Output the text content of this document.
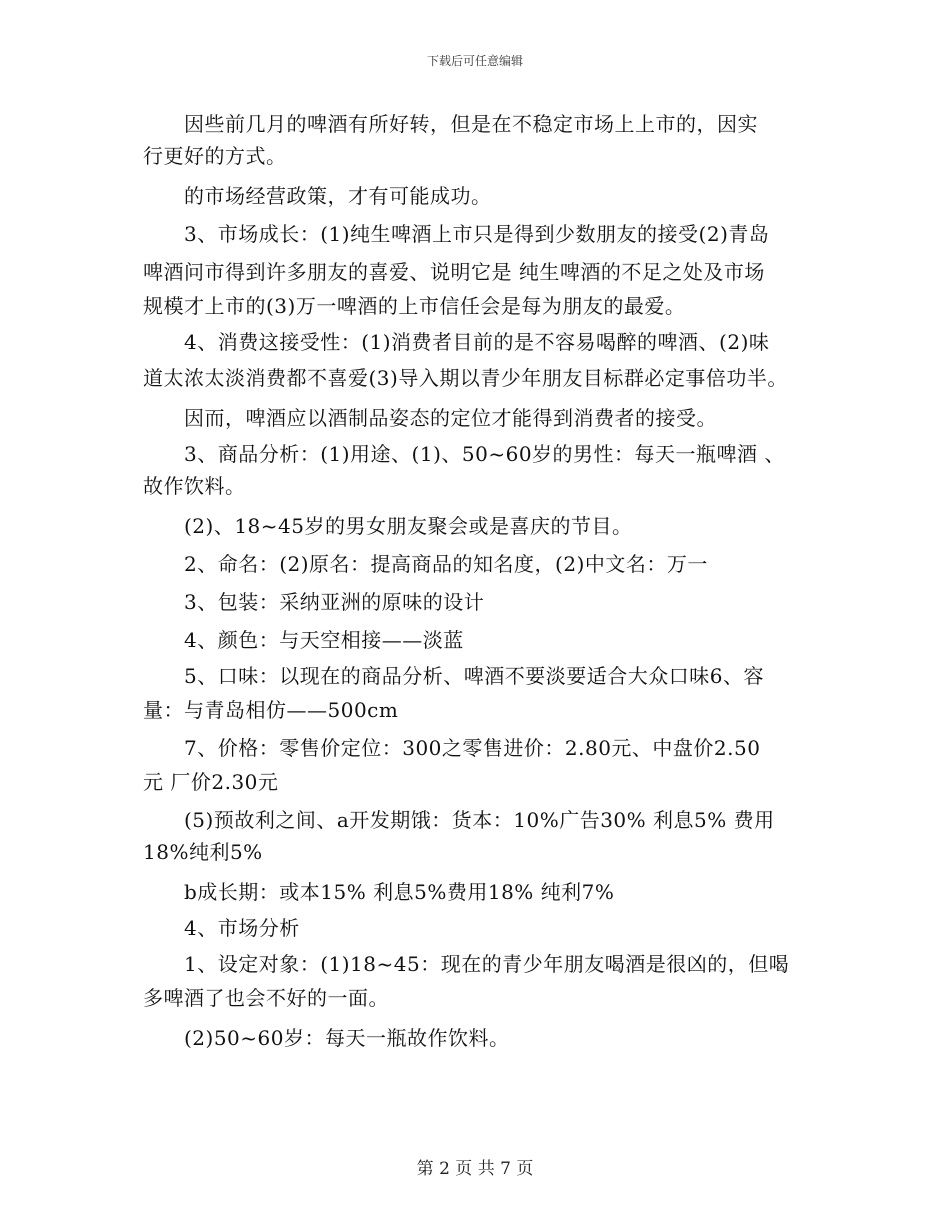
下载后可任意编辑
　　因些前几月的啤酒有所好转，但是在不稳定市场上上市的，因实
行更好的方式。
　　的市场经营政策，才有可能成功。
　　3、市场成长：(1)纯生啤酒上市只是得到少数朋友的接受(2)青岛
啤酒问市得到许多朋友的喜爱、说明它是 纯生啤酒的不足之处及市场
规模才上市的(3)万一啤酒的上市信任会是每为朋友的最爱。
　　4、消费这接受性：(1)消费者目前的是不容易喝醉的啤酒、(2)味
道太浓太淡消费都不喜爱(3)导入期以青少年朋友目标群必定事倍功半。
　　因而，啤酒应以酒制品姿态的定位才能得到消费者的接受。
　　3、商品分析：(1)用途、(1)、50~60岁的男性：每天一瓶啤酒 、
故作饮料。
　　(2)、18~45岁的男女朋友聚会或是喜庆的节目。
　　2、命名：(2)原名：提高商品的知名度，(2)中文名：万一
　　3、包装：采纳亚洲的原味的设计
　　4、颜色：与天空相接——淡蓝
　　5、口味：以现在的商品分析、啤酒不要淡要适合大众口味6、容
量：与青岛相仿——500cm
　　7、价格：零售价定位：300之零售进价：2.80元、中盘价2.50
元 厂价2.30元
　　(5)预故利之间、a开发期饿：货本：10%广告30% 利息5% 费用
18%纯利5%
　　b成长期：或本15% 利息5%费用18% 纯利7%
　　4、市场分析
　　1、设定对象：(1)18~45：现在的青少年朋友喝酒是很凶的，但喝
多啤酒了也会不好的一面。
　　(2)50~60岁：每天一瓶故作饮料。
第 2 页 共 7 页
